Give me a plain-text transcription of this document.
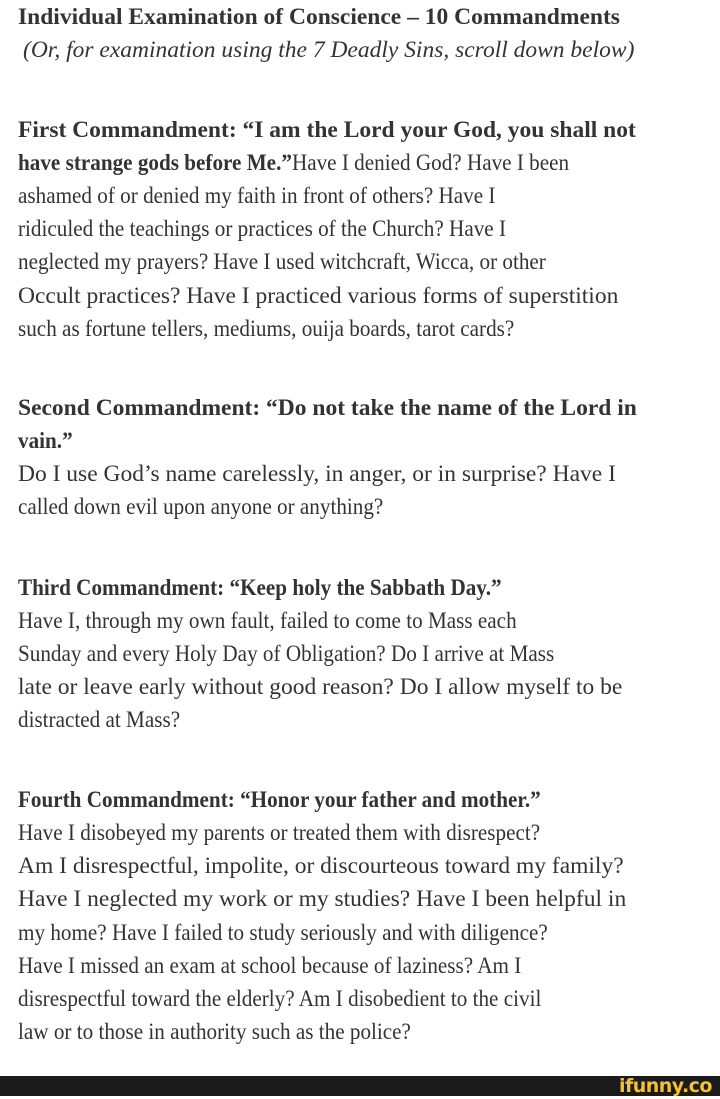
Individual Examination of Conscience – 10 Commandments
(Or, for examination using the 7 Deadly Sins, scroll down below)
First Commandment: “I am the Lord your God, you shall not
have strange gods before Me.”Have I denied God? Have I been
ashamed of or denied my faith in front of others? Have I
ridiculed the teachings or practices of the Church? Have I
neglected my prayers? Have I used witchcraft, Wicca, or other
Occult practices? Have I practiced various forms of superstition
such as fortune tellers, mediums, ouija boards, tarot cards?
Second Commandment: “Do not take the name of the Lord in
vain.”
Do I use God’s name carelessly, in anger, or in surprise? Have I
called down evil upon anyone or anything?
Third Commandment: “Keep holy the Sabbath Day.”
Have I, through my own fault, failed to come to Mass each
Sunday and every Holy Day of Obligation? Do I arrive at Mass
late or leave early without good reason? Do I allow myself to be
distracted at Mass?
Fourth Commandment: “Honor your father and mother.”
Have I disobeyed my parents or treated them with disrespect?
Am I disrespectful, impolite, or discourteous toward my family?
Have I neglected my work or my studies? Have I been helpful in
my home? Have I failed to study seriously and with diligence?
Have I missed an exam at school because of laziness? Am I
disrespectful toward the elderly? Am I disobedient to the civil
law or to those in authority such as the police?
ifunny.co
